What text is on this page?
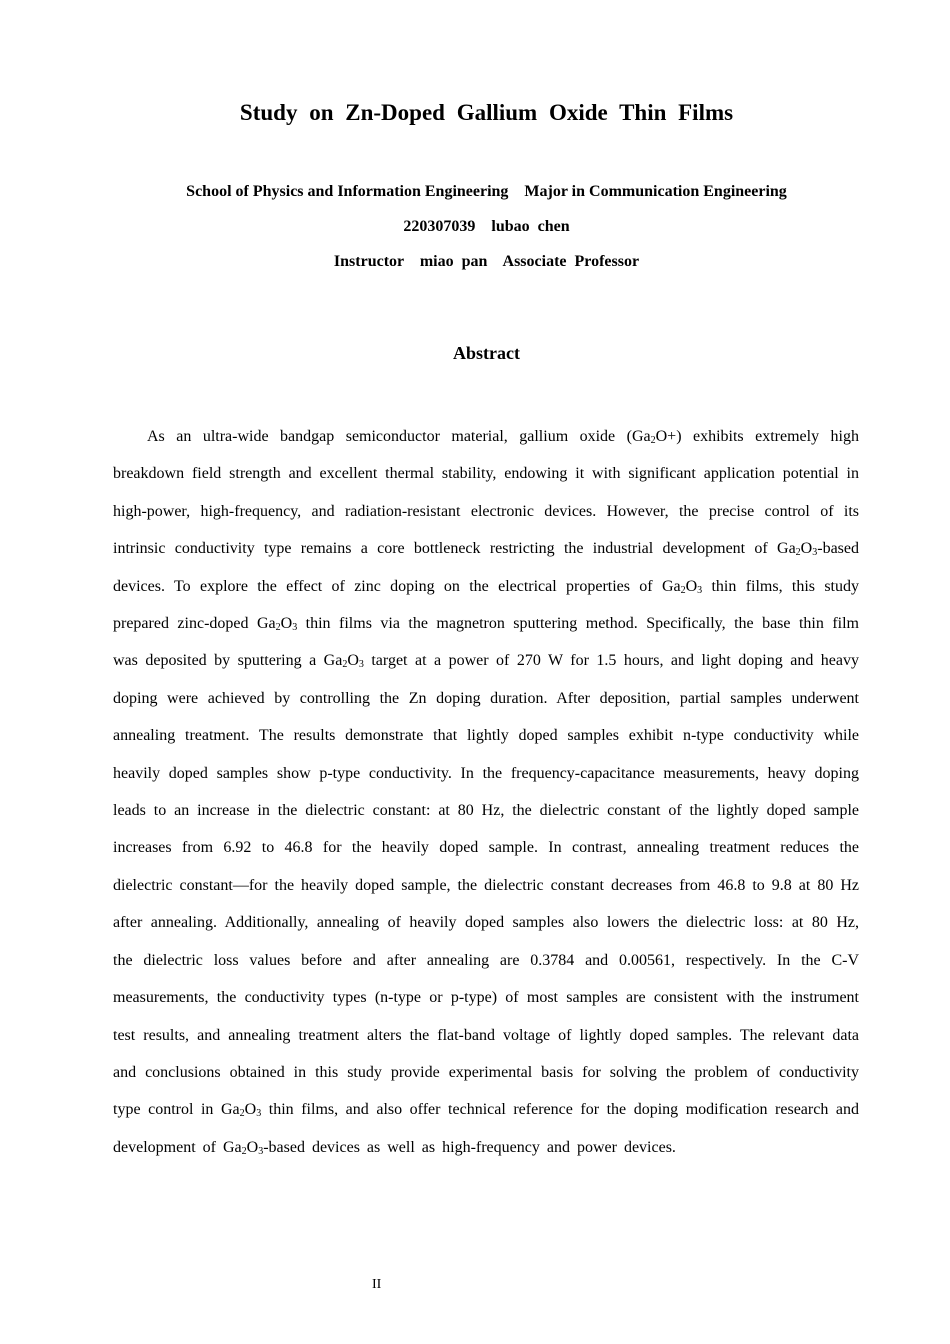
Study on Zn-Doped Gallium Oxide Thin Films

School of Physics and Information Engineering    Major in Communication Engineering

220307039    lubao  chen

Instructor    miao  pan    Associate  Professor

Abstract

As an ultra-wide bandgap semiconductor material, gallium oxide $(Ga_2O+)$ exhibits extremely high breakdown field strength and excellent thermal stability, endowing it with significant application potential in high-power, high-frequency, and radiation-resistant electronic devices. However, the precise control of its intrinsic conductivity type remains a core bottleneck restricting the industrial development of $Ga_2O_3$-based devices. To explore the effect of zinc doping on the electrical properties of $Ga_2O_3$ thin films, this study prepared zinc-doped $Ga_2O_3$ thin films via the magnetron sputtering method. Specifically, the base thin film was deposited by sputtering a $Ga_2O_3$ target at a power of 270 W for 1.5 hours, and light doping and heavy doping were achieved by controlling the Zn doping duration. After deposition, partial samples underwent annealing treatment. The results demonstrate that lightly doped samples exhibit n-type conductivity while heavily doped samples show p-type conductivity. In the frequency-capacitance measurements, heavy doping leads to an increase in the dielectric constant: at 80 Hz, the dielectric constant of the lightly doped sample increases from 6.92 to 46.8 for the heavily doped sample. In contrast, annealing treatment reduces the dielectric constant—for the heavily doped sample, the dielectric constant decreases from 46.8 to 9.8 at 80 Hz after annealing. Additionally, annealing of heavily doped samples also lowers the dielectric loss: at 80 Hz, the dielectric loss values before and after annealing are 0.3784 and 0.00561, respectively. In the C-V measurements, the conductivity types (n-type or p-type) of most samples are consistent with the instrument test results, and annealing treatment alters the flat-band voltage of lightly doped samples. The relevant data and conclusions obtained in this study provide experimental basis for solving the problem of conductivity type control in $Ga_2O_3$ thin films, and also offer technical reference for the doping modification research and development of $Ga_2O_3$-based devices as well as high-frequency and power devices.

II
